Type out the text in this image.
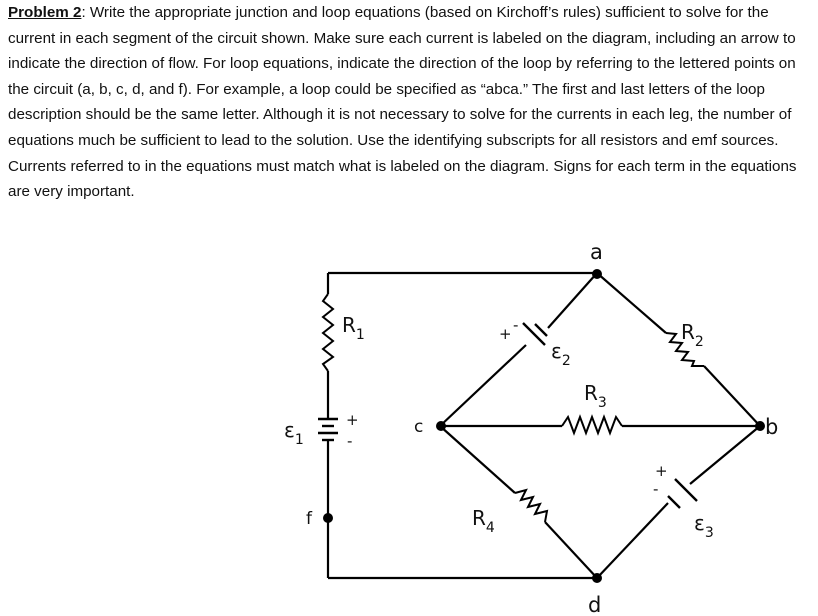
Problem 2: Write the appropriate junction and loop equations (based on Kirchoff’s rules) sufficient to solve for the current in each segment of the circuit shown. Make sure each current is labeled on the diagram, including an arrow to indicate the direction of flow. For loop equations, indicate the direction of the loop by referring to the lettered points on the circuit (a, b, c, d, and f). For example, a loop could be specified as “abca.” The first and last letters of the loop description should be the same letter. Although it is not necessary to solve for the currents in each leg, the number of equations much be sufficient to lead to the solution. Use the identifying subscripts for all resistors and emf sources. Currents referred to in the equations must match what is labeled on the diagram. Signs for each term in the equations are very important.

a
b
c
d
f
$R_1$	$R_2$
$R_3$
$R_4$
$\varepsilon_1$
$\varepsilon_2$
$\varepsilon_3$
+
-
+ -
+
-
